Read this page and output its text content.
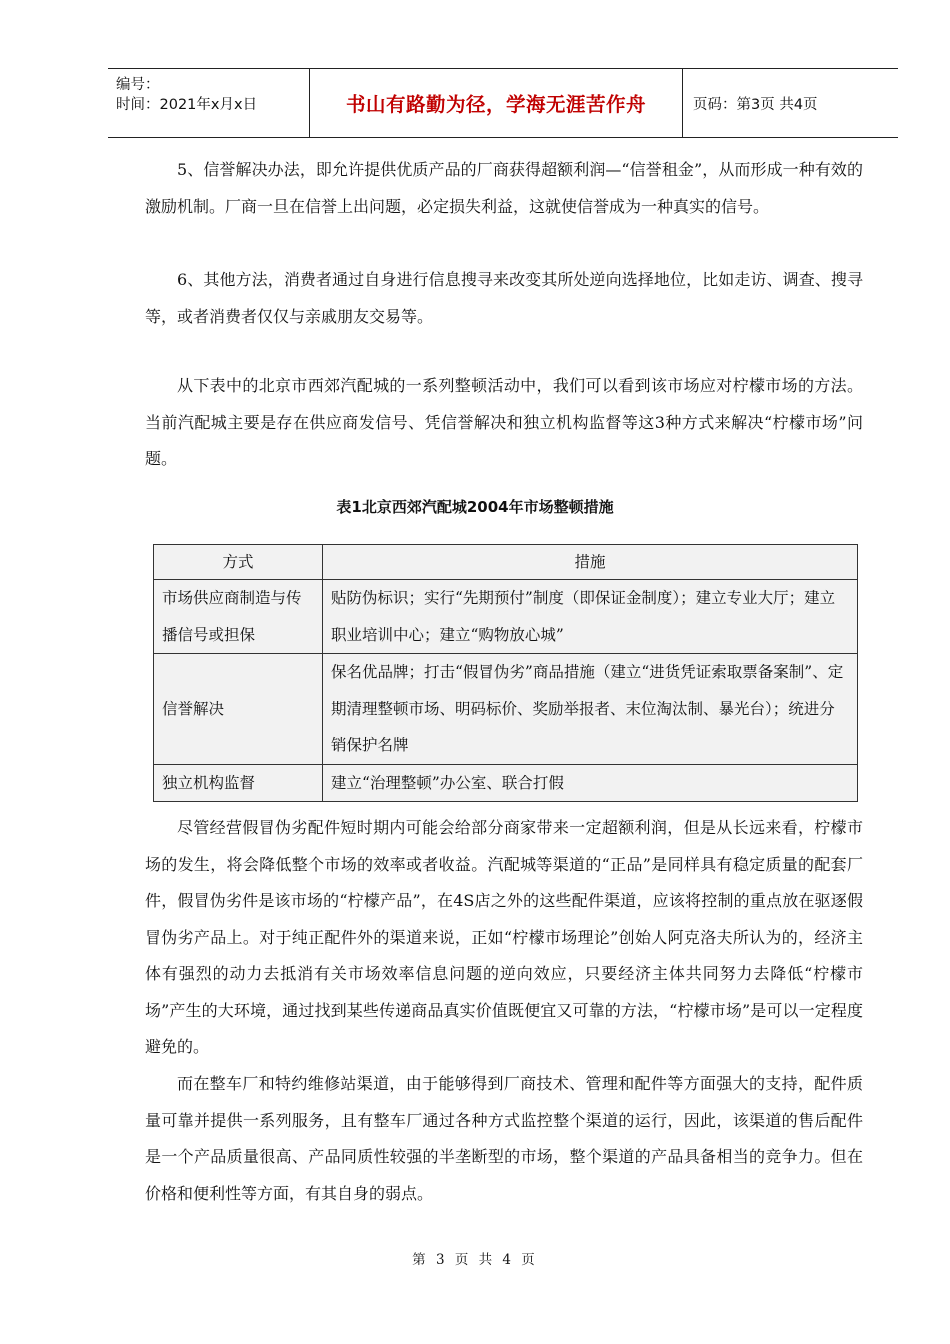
编号：
时间：2021年x月x日	书山有路勤为径，学海无涯苦作舟	页码：第3页 共4页

5、信誉解决办法，即允许提供优质产品的厂商获得超额利润—“信誉租金”，从而形成一种有效的激励机制。厂商一旦在信誉上出问题，必定损失利益，这就使信誉成为一种真实的信号。

6、其他方法，消费者通过自身进行信息搜寻来改变其所处逆向选择地位，比如走访、调查、搜寻等，或者消费者仅仅与亲戚朋友交易等。

从下表中的北京市西郊汽配城的一系列整顿活动中，我们可以看到该市场应对柠檬市场的方法。当前汽配城主要是存在供应商发信号、凭信誉解决和独立机构监督等这3种方式来解决“柠檬市场”问题。

表1北京西郊汽配城2004年市场整顿措施
方式	措施
市场供应商制造与传播信号或担保	贴防伪标识；实行“先期预付”制度（即保证金制度）；建立专业大厅；建立职业培训中心；建立“购物放心城”
信誉解决	保名优品牌；打击“假冒伪劣”商品措施（建立“进货凭证索取票备案制”、定期清理整顿市场、明码标价、奖励举报者、末位淘汰制、暴光台）；统进分销保护名牌
独立机构监督	建立“治理整顿”办公室、联合打假

尽管经营假冒伪劣配件短时期内可能会给部分商家带来一定超额利润，但是从长远来看，柠檬市场的发生，将会降低整个市场的效率或者收益。汽配城等渠道的“正品”是同样具有稳定质量的配套厂件，假冒伪劣件是该市场的“柠檬产品”，在4S店之外的这些配件渠道，应该将控制的重点放在驱逐假冒伪劣产品上。对于纯正配件外的渠道来说，正如“柠檬市场理论”创始人阿克洛夫所认为的，经济主体有强烈的动力去抵消有关市场效率信息问题的逆向效应，只要经济主体共同努力去降低“柠檬市场”产生的大环境，通过找到某些传递商品真实价值既便宜又可靠的方法，“柠檬市场”是可以一定程度避免的。

而在整车厂和特约维修站渠道，由于能够得到厂商技术、管理和配件等方面强大的支持，配件质量可靠并提供一系列服务，且有整车厂通过各种方式监控整个渠道的运行，因此，该渠道的售后配件是一个产品质量很高、产品同质性较强的半垄断型的市场，整个渠道的产品具备相当的竞争力。但在价格和便利性等方面，有其自身的弱点。

第 3 页 共 4 页
